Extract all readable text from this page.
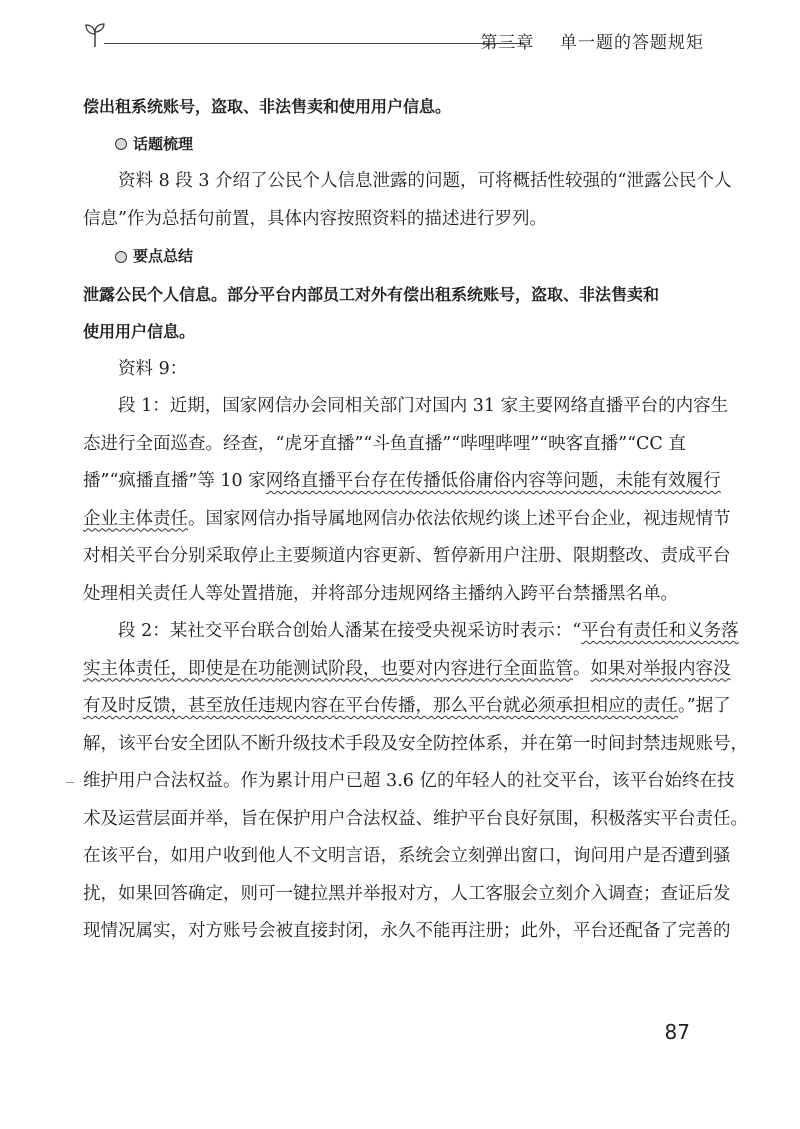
第三章 单一题的答题规矩
偿出租系统账号，盗取、非法售卖和使用用户信息。
话题梳理
资料 8 段 3 介绍了公民个人信息泄露的问题，可将概括性较强的“泄露公民个人
信息”作为总括句前置，具体内容按照资料的描述进行罗列。
要点总结
泄露公民个人信息。部分平台内部员工对外有偿出租系统账号，盗取、非法售卖和
使用用户信息。
资料 9：
段 1：近期，国家网信办会同相关部门对国内 31 家主要网络直播平台的内容生
态进行全面巡查。经查，“虎牙直播”“斗鱼直播”“哔哩哔哩”“映客直播”“CC 直
播”“疯播直播”等 10 家网络直播平台存在传播低俗庸俗内容等问题，未能有效履行
企业主体责任。国家网信办指导属地网信办依法依规约谈上述平台企业，视违规情节
对相关平台分别采取停止主要频道内容更新、暂停新用户注册、限期整改、责成平台
处理相关责任人等处置措施，并将部分违规网络主播纳入跨平台禁播黑名单。
段 2：某社交平台联合创始人潘某在接受央视采访时表示：“平台有责任和义务落
实主体责任，即使是在功能测试阶段，也要对内容进行全面监管。如果对举报内容没
有及时反馈，甚至放任违规内容在平台传播，那么平台就必须承担相应的责任。”据了
解，该平台安全团队不断升级技术手段及安全防控体系，并在第一时间封禁违规账号，
维护用户合法权益。作为累计用户已超 3.6 亿的年轻人的社交平台，该平台始终在技
术及运营层面并举，旨在保护用户合法权益、维护平台良好氛围，积极落实平台责任。
在该平台，如用户收到他人不文明言语，系统会立刻弹出窗口，询问用户是否遭到骚
扰，如果回答确定，则可一键拉黑并举报对方，人工客服会立刻介入调查；查证后发
现情况属实，对方账号会被直接封闭，永久不能再注册；此外，平台还配备了完善的
87
